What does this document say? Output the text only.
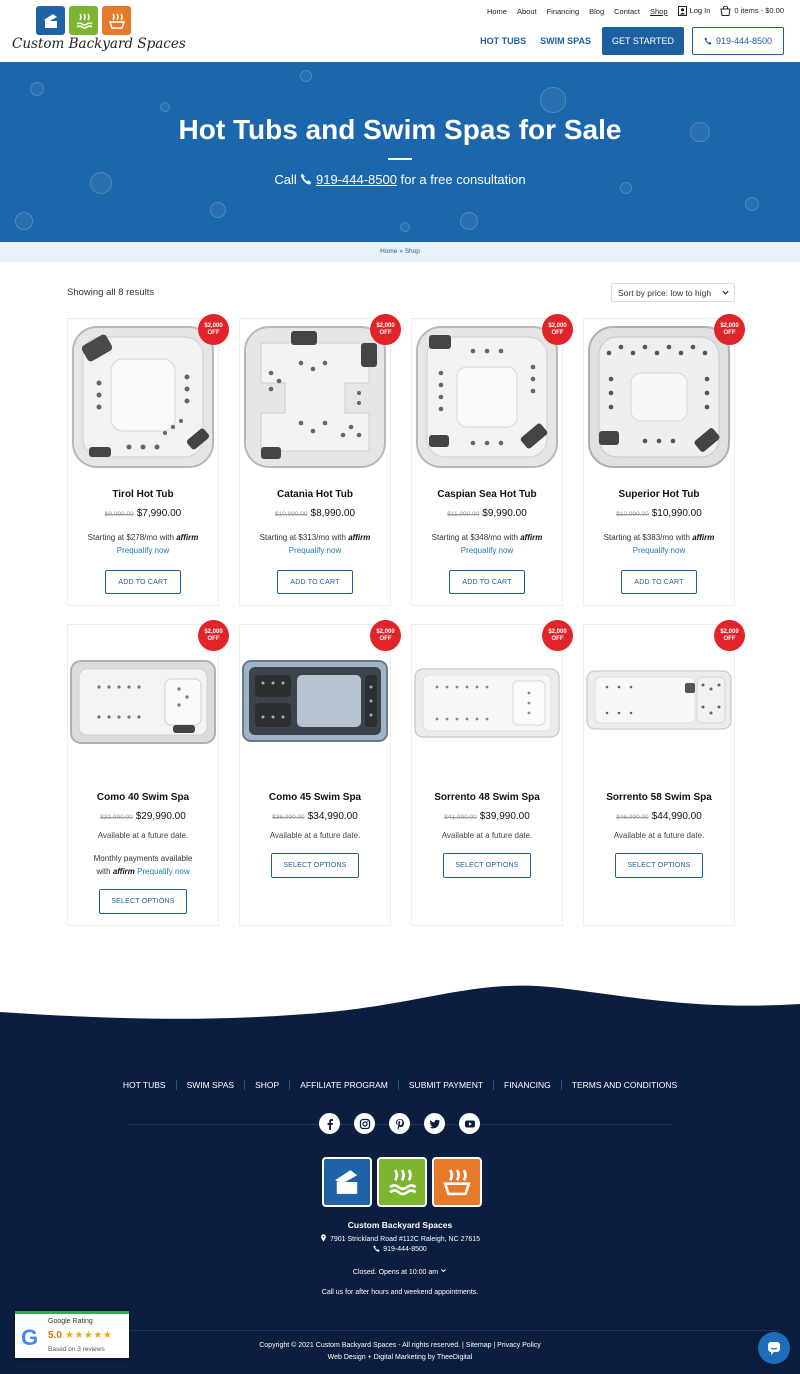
Custom Backyard Spaces
Home About Financing Blog Contact Shop	Log In	0 items - $0.00
HOT TUBS	SWIM SPAS	GET STARTED	919-444-8500
Hot Tubs and Swim Spas for Sale
Call 919-444-8500 for a free consultation
Home » Shop
Showing all 8 results	Sort by price: low to high
$2,000
OFF
Tirol Hot Tub
$9,990.00 $7,990.00
Starting at $278/mo with affirm
Prequalify now
ADD TO CART
$2,000
OFF
Catania Hot Tub
$10,990.00 $8,990.00
Starting at $313/mo with affirm
Prequalify now
ADD TO CART
$2,000
OFF
Caspian Sea Hot Tub
$11,990.00 $9,990.00
Starting at $348/mo with affirm
Prequalify now
ADD TO CART
$2,000
OFF
Superior Hot Tub
$12,990.00 $10,990.00
Starting at $383/mo with affirm
Prequalify now
ADD TO CART
$2,000
OFF
Como 40 Swim Spa
$31,990.00 $29,990.00
Available at a future date.
Monthly payments available
with affirm Prequalify now
SELECT OPTIONS
$2,000
OFF
Como 45 Swim Spa
$36,990.00 $34,990.00
Available at a future date.
SELECT OPTIONS
$2,000
OFF
Sorrento 48 Swim Spa
$41,990.00 $39,990.00
Available at a future date.
SELECT OPTIONS
$2,000
OFF
Sorrento 58 Swim Spa
$46,990.00 $44,990.00
Available at a future date.
SELECT OPTIONS
HOT TUBS	SWIM SPAS	SHOP	AFFILIATE PROGRAM	SUBMIT PAYMENT	FINANCING	TERMS AND CONDITIONS
Custom Backyard Spaces
7901 Strickland Road #112C Raleigh, NC 27615
919-444-8500
Closed. Opens at 10:00 am
Call us for after hours and weekend appointments.
Copyright © 2021 Custom Backyard Spaces - All rights reserved. | Sitemap | Privacy Policy
Web Design + Digital Marketing by TheeDigital
G
Google Rating
5.0 ★★★★★
Based on 3 reviews
